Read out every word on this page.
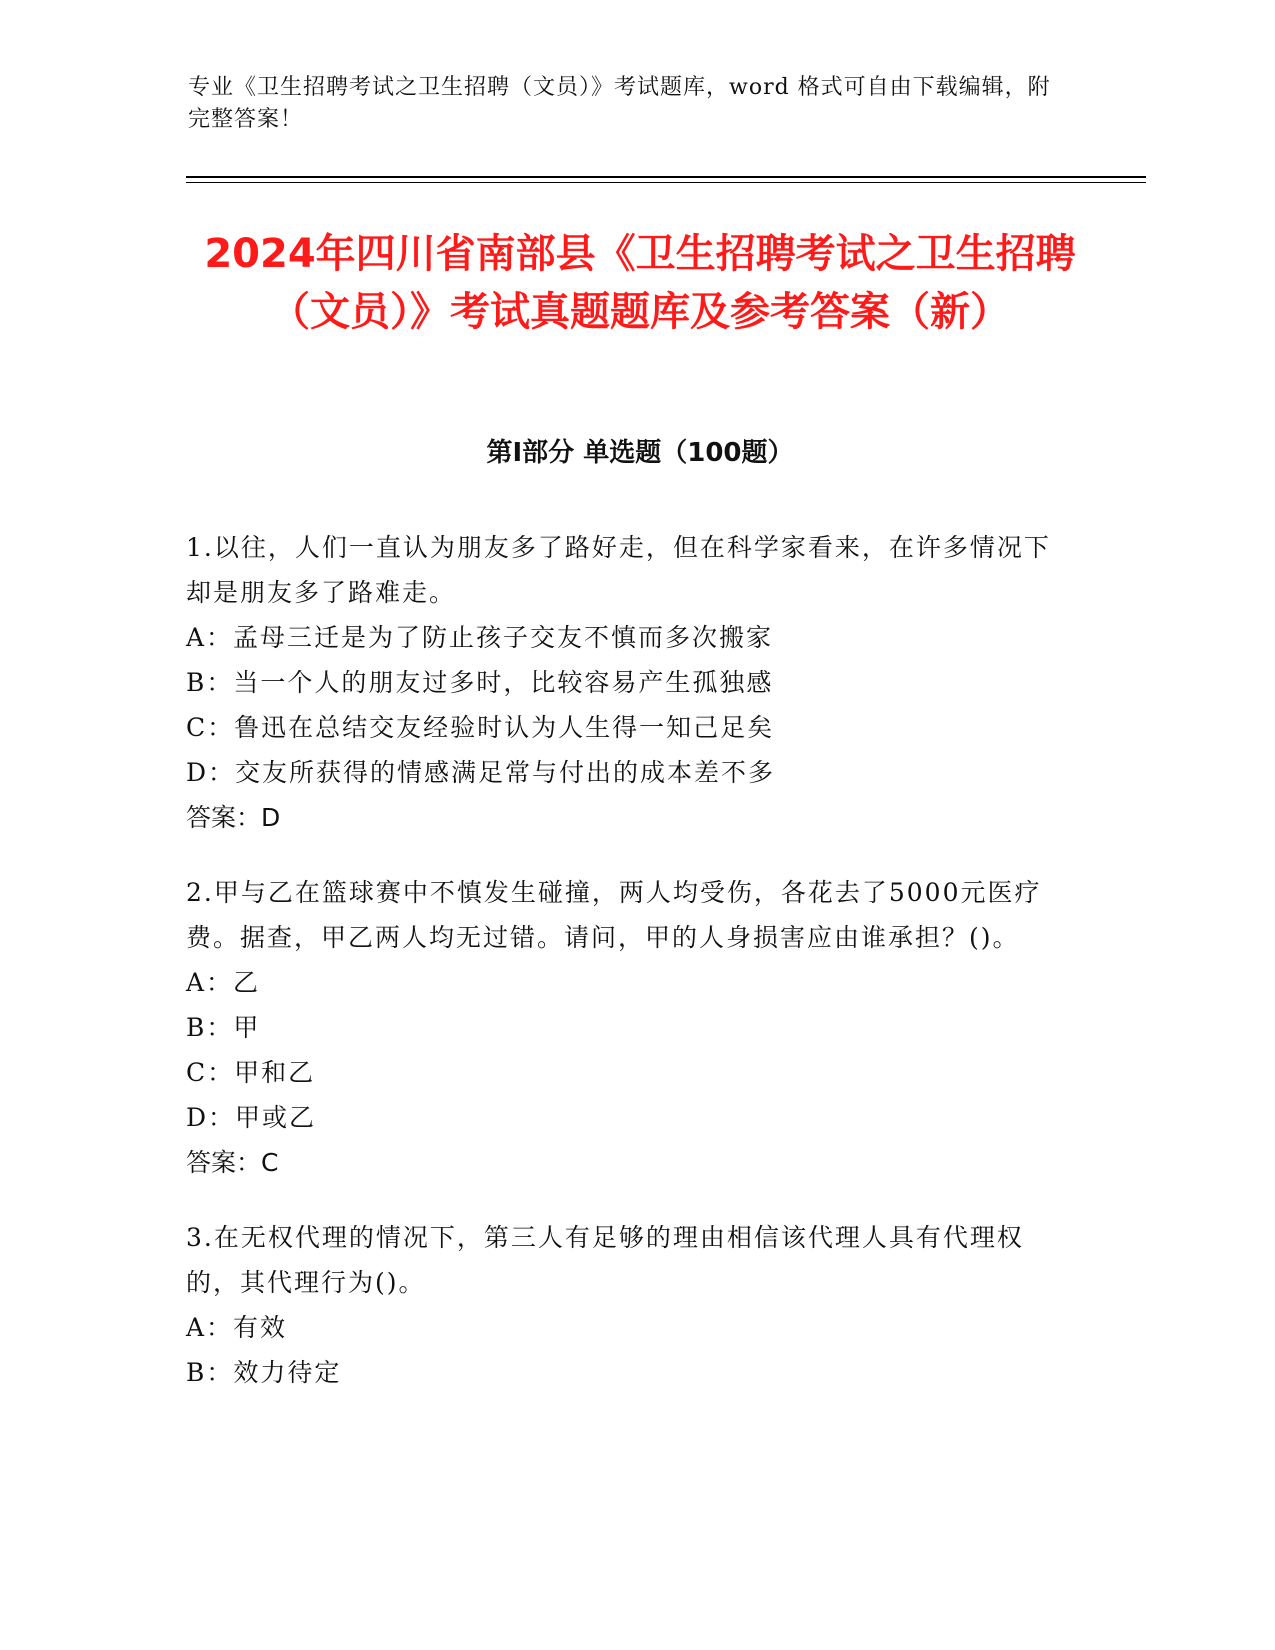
专业《卫生招聘考试之卫生招聘（文员）》考试题库，word 格式可自由下载编辑，附完整答案！
2024年四川省南部县《卫生招聘考试之卫生招聘（文员）》考试真题题库及参考答案（新）
第Ⅰ部分 单选题（100题）

1.以往，人们一直认为朋友多了路好走，但在科学家看来，在许多情况下却是朋友多了路难走。

A：孟母三迁是为了防止孩子交友不慎而多次搬家

B：当一个人的朋友过多时，比较容易产生孤独感

C：鲁迅在总结交友经验时认为人生得一知己足矣

D：交友所获得的情感满足常与付出的成本差不多

答案：D

2.甲与乙在篮球赛中不慎发生碰撞，两人均受伤，各花去了5000元医疗费。据查，甲乙两人均无过错。请问，甲的人身损害应由谁承担？()。

A：乙

B：甲

C：甲和乙

D：甲或乙

答案：C

3.在无权代理的情况下，第三人有足够的理由相信该代理人具有代理权的，其代理行为()。

A：有效

B：效力待定
